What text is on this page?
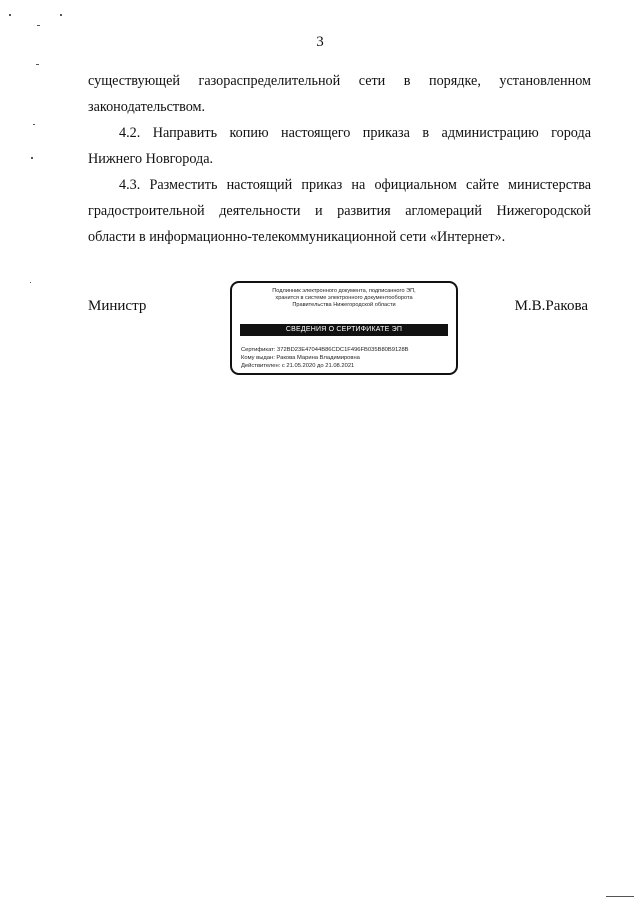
3

существующей газораспределительной сети в порядке, установленном
законодательством.

4.2. Направить копию настоящего приказа в администрацию города
Нижнего Новгорода.

4.3. Разместить настоящий приказ на официальном сайте министерства
градостроительной деятельности и развития агломераций Нижегородской
области в информационно-телекоммуникационной сети «Интернет».

Министр
Подлинник электронного документа, подписанного ЭП,
хранится в системе электронного документооборота
Правительства Нижегородской области
СВЕДЕНИЯ О СЕРТИФИКАТЕ ЭП
Сертификат: 372BD23E47044B86CDC1F496FB035B80B9128B
Кому выдан: Ракова Марина Владимировна
Действителен: с 21.05.2020 до 21.08.2021
М.В.Ракова
